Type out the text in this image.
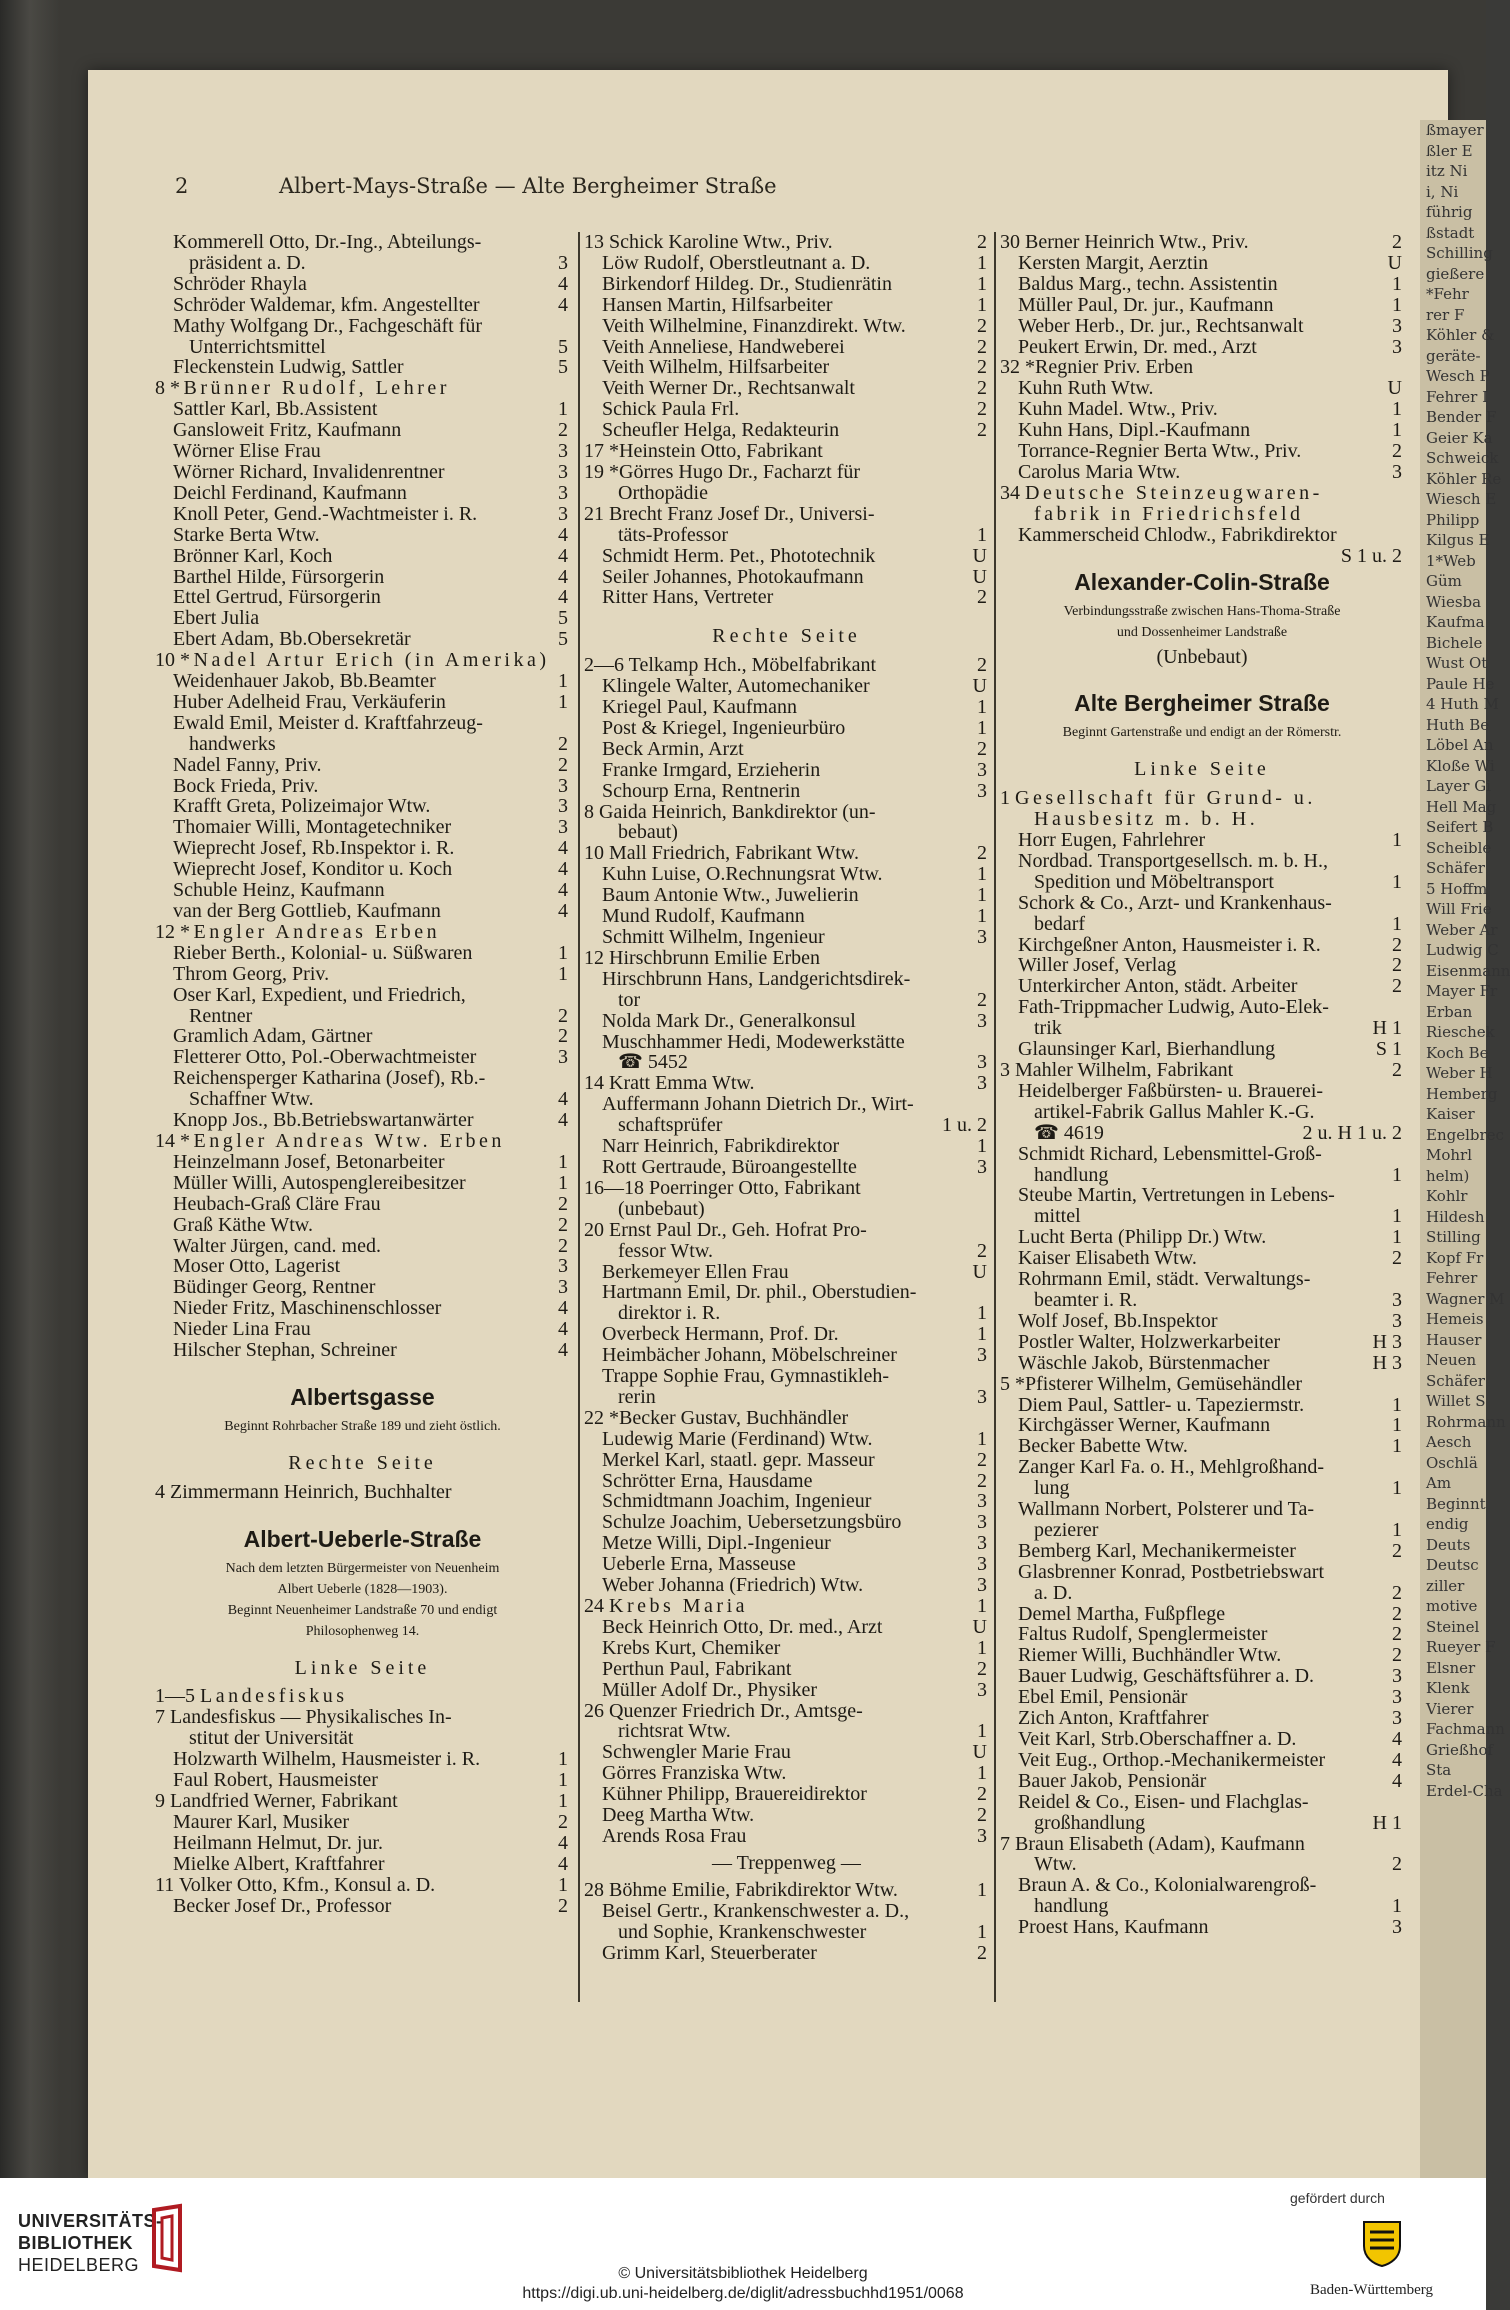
ßmayer
ßler E
itz Ni
i, Ni
führig
ßstadt
Schilling
gießere
*Fehr
rer F
Köhler &
geräte-
Wesch P
Fehrer I
Bender F
Geier Ka
Schweick
Köhler Re
Wiesch E
Philipp
Kilgus E
1*Web
Güm
Wiesba
Kaufma
Bichele
Wust Ot
Paule He
4 Huth M
Huth Be
Löbel An
Kloße Wi
Layer Gi
Hell Mag
Seifert B
Scheible
Schäfer
5 Hoffm
Will Frie
Weber Ar
Ludwig C
Eisenmann
Mayer Fr
Erban
Rieschek
Koch Be
Weber H
Hemberg
Kaiser
Engelbrec
Mohrl
helm)
Kohlr
Hildesh
Stilling
Kopf Fr
Fehrer
Wagner M
Hemeis
Hauser
Neuen
Schäfer
Willet S
Rohrmann
Aesch
Oschlä
Am
Beginnt
endig
Deuts
Deutsc
ziller
motive
Steinel
Rueyer F
Elsner
Klenk
Vierer
Fachmann
Grießhof
Sta
Erdel-Cha
2	Albert-Mays-Straße — Alte Bergheimer Straße
Kommerell Otto, Dr.-Ing., Abteilungs-
präsident a. D.	3
Schröder Rhayla	4
Schröder Waldemar, kfm. Angestellter	4
Mathy Wolfgang Dr., Fachgeschäft für
Unterrichtsmittel	5
Fleckenstein Ludwig, Sattler	5
8 *Brünner Rudolf, Lehrer
Sattler Karl, Bb.Assistent	1
Gansloweit Fritz, Kaufmann	2
Wörner Elise Frau	3
Wörner Richard, Invalidenrentner	3
Deichl Ferdinand, Kaufmann	3
Knoll Peter, Gend.-Wachtmeister i. R.	3
Starke Berta Wtw.	4
Brönner Karl, Koch	4
Barthel Hilde, Fürsorgerin	4
Ettel Gertrud, Fürsorgerin	4
Ebert Julia	5
Ebert Adam, Bb.Obersekretär	5
10 *Nadel Artur Erich (in Amerika)
Weidenhauer Jakob, Bb.Beamter	1
Huber Adelheid Frau, Verkäuferin	1
Ewald Emil, Meister d. Kraftfahrzeug-
handwerks	2
Nadel Fanny, Priv.	2
Bock Frieda, Priv.	3
Krafft Greta, Polizeimajor Wtw.	3
Thomaier Willi, Montagetechniker	3
Wieprecht Josef, Rb.Inspektor i. R.	4
Wieprecht Josef, Konditor u. Koch	4
Schuble Heinz, Kaufmann	4
van der Berg Gottlieb, Kaufmann	4
12 *Engler Andreas Erben
Rieber Berth., Kolonial- u. Süßwaren	1
Throm Georg, Priv.	1
Oser Karl, Expedient, und Friedrich,
Rentner	2
Gramlich Adam, Gärtner	2
Fletterer Otto, Pol.-Oberwachtmeister	3
Reichensperger Katharina (Josef), Rb.-
Schaffner Wtw.	4
Knopp Jos., Bb.Betriebswartanwärter	4
14 *Engler Andreas Wtw. Erben
Heinzelmann Josef, Betonarbeiter	1
Müller Willi, Autospenglereibesitzer	1
Heubach-Graß Cläre Frau	2
Graß Käthe Wtw.	2
Walter Jürgen, cand. med.	2
Moser Otto, Lagerist	3
Büdinger Georg, Rentner	3
Nieder Fritz, Maschinenschlosser	4
Nieder Lina Frau	4
Hilscher Stephan, Schreiner	4
Albertsgasse
Beginnt Rohrbacher Straße 189 und zieht östlich.
Rechte Seite
4 Zimmermann Heinrich, Buchhalter
Albert-Ueberle-Straße
Nach dem letzten Bürgermeister von Neuenheim
Albert Ueberle (1828—1903).
Beginnt Neuenheimer Landstraße 70 und endigt
Philosophenweg 14.
Linke Seite
1—5 Landesfiskus
7 Landesfiskus — Physikalisches In-
stitut der Universität
Holzwarth Wilhelm, Hausmeister i. R.	1
Faul Robert, Hausmeister	1
9 Landfried Werner, Fabrikant	1
Maurer Karl, Musiker	2
Heilmann Helmut, Dr. jur.	4
Mielke Albert, Kraftfahrer	4
11 Volker Otto, Kfm., Konsul a. D.	1
Becker Josef Dr., Professor	2
13 Schick Karoline Wtw., Priv.	2
Löw Rudolf, Oberstleutnant a. D.	1
Birkendorf Hildeg. Dr., Studienrätin	1
Hansen Martin, Hilfsarbeiter	1
Veith Wilhelmine, Finanzdirekt. Wtw.	2
Veith Anneliese, Handweberei	2
Veith Wilhelm, Hilfsarbeiter	2
Veith Werner Dr., Rechtsanwalt	2
Schick Paula Frl.	2
Scheufler Helga, Redakteurin	2
17 *Heinstein Otto, Fabrikant
19 *Görres Hugo Dr., Facharzt für
Orthopädie
21 Brecht Franz Josef Dr., Universi-
täts-Professor	1
Schmidt Herm. Pet., Phototechnik	U
Seiler Johannes, Photokaufmann	U
Ritter Hans, Vertreter	2
Rechte Seite
2—6 Telkamp Hch., Möbelfabrikant	2
Klingele Walter, Automechaniker	U
Kriegel Paul, Kaufmann	1
Post & Kriegel, Ingenieurbüro	1
Beck Armin, Arzt	2
Franke Irmgard, Erzieherin	3
Schourp Erna, Rentnerin	3
8 Gaida Heinrich, Bankdirektor (un-
bebaut)
10 Mall Friedrich, Fabrikant Wtw.	2
Kuhn Luise, O.Rechnungsrat Wtw.	1
Baum Antonie Wtw., Juwelierin	1
Mund Rudolf, Kaufmann	1
Schmitt Wilhelm, Ingenieur	3
12 Hirschbrunn Emilie Erben
Hirschbrunn Hans, Landgerichtsdirek-
tor	2
Nolda Mark Dr., Generalkonsul	3
Muschhammer Hedi, Modewerkstätte
☎ 5452	3
14 Kratt Emma Wtw.	3
Auffermann Johann Dietrich Dr., Wirt-
schaftsprüfer	1 u. 2
Narr Heinrich, Fabrikdirektor	1
Rott Gertraude, Büroangestellte	3
16—18 Poerringer Otto, Fabrikant
(unbebaut)
20 Ernst Paul Dr., Geh. Hofrat Pro-
fessor Wtw.	2
Berkemeyer Ellen Frau	U
Hartmann Emil, Dr. phil., Oberstudien-
direktor i. R.	1
Overbeck Hermann, Prof. Dr.	1
Heimbächer Johann, Möbelschreiner	3
Trappe Sophie Frau, Gymnastikleh-
rerin	3
22 *Becker Gustav, Buchhändler
Ludewig Marie (Ferdinand) Wtw.	1
Merkel Karl, staatl. gepr. Masseur	2
Schrötter Erna, Hausdame	2
Schmidtmann Joachim, Ingenieur	3
Schulze Joachim, Uebersetzungsbüro	3
Metze Willi, Dipl.-Ingenieur	3
Ueberle Erna, Masseuse	3
Weber Johanna (Friedrich) Wtw.	3
24 Krebs Maria	1
Beck Heinrich Otto, Dr. med., Arzt	U
Krebs Kurt, Chemiker	1
Perthun Paul, Fabrikant	2
Müller Adolf Dr., Physiker	3
26 Quenzer Friedrich Dr., Amtsge-
richtsrat Wtw.	1
Schwengler Marie Frau	U
Görres Franziska Wtw.	1
Kühner Philipp, Brauereidirektor	2
Deeg Martha Wtw.	2
Arends Rosa Frau	3
— Treppenweg —
28 Böhme Emilie, Fabrikdirektor Wtw.	1
Beisel Gertr., Krankenschwester a. D.,
und Sophie, Krankenschwester	1
Grimm Karl, Steuerberater	2
30 Berner Heinrich Wtw., Priv.	2
Kersten Margit, Aerztin	U
Baldus Marg., techn. Assistentin	1
Müller Paul, Dr. jur., Kaufmann	1
Weber Herb., Dr. jur., Rechtsanwalt	3
Peukert Erwin, Dr. med., Arzt	3
32 *Regnier Priv. Erben
Kuhn Ruth Wtw.	U
Kuhn Madel. Wtw., Priv.	1
Kuhn Hans, Dipl.-Kaufmann	1
Torrance-Regnier Berta Wtw., Priv.	2
Carolus Maria Wtw.	3
34 Deutsche Steinzeugwaren-
fabrik in Friedrichsfeld
Kammerscheid Chlodw., Fabrikdirektor
S 1 u. 2
Alexander-Colin-Straße
Verbindungsstraße zwischen Hans-Thoma-Straße
und Dossenheimer Landstraße
(Unbebaut)
Alte Bergheimer Straße
Beginnt Gartenstraße und endigt an der Römerstr.
Linke Seite
1 Gesellschaft für Grund- u.
Hausbesitz m. b. H.
Horr Eugen, Fahrlehrer	1
Nordbad. Transportgesellsch. m. b. H.,
Spedition und Möbeltransport	1
Schork & Co., Arzt- und Krankenhaus-
bedarf	1
Kirchgeßner Anton, Hausmeister i. R.	2
Willer Josef, Verlag	2
Unterkircher Anton, städt. Arbeiter	2
Fath-Trippmacher Ludwig, Auto-Elek-
trik	H 1
Glaunsinger Karl, Bierhandlung	S 1
3 Mahler Wilhelm, Fabrikant	2
Heidelberger Faßbürsten- u. Brauerei-
artikel-Fabrik Gallus Mahler K.-G.
☎ 4619	2 u. H 1 u. 2
Schmidt Richard, Lebensmittel-Groß-
handlung	1
Steube Martin, Vertretungen in Lebens-
mittel	1
Lucht Berta (Philipp Dr.) Wtw.	1
Kaiser Elisabeth Wtw.	2
Rohrmann Emil, städt. Verwaltungs-
beamter i. R.	3
Wolf Josef, Bb.Inspektor	3
Postler Walter, Holzwerkarbeiter	H 3
Wäschle Jakob, Bürstenmacher	H 3
5 *Pfisterer Wilhelm, Gemüsehändler
Diem Paul, Sattler- u. Tapeziermstr.	1
Kirchgässer Werner, Kaufmann	1
Becker Babette Wtw.	1
Zanger Karl Fa. o. H., Mehlgroßhand-
lung	1
Wallmann Norbert, Polsterer und Ta-
pezierer	1
Bemberg Karl, Mechanikermeister	2
Glasbrenner Konrad, Postbetriebswart
a. D.	2
Demel Martha, Fußpflege	2
Faltus Rudolf, Spenglermeister	2
Riemer Willi, Buchhändler Wtw.	2
Bauer Ludwig, Geschäftsführer a. D.	3
Ebel Emil, Pensionär	3
Zich Anton, Kraftfahrer	3
Veit Karl, Strb.Oberschaffner a. D.	4
Veit Eug., Orthop.-Mechanikermeister	4
Bauer Jakob, Pensionär	4
Reidel & Co., Eisen- und Flachglas-
großhandlung	H 1
7 Braun Elisabeth (Adam), Kaufmann
Wtw.	2
Braun A. & Co., Kolonialwarengroß-
handlung	1
Proest Hans, Kaufmann	3
UNIVERSITÄTS-
BIBLIOTHEK
HEIDELBERG	© Universitätsbibliothek Heidelberg
https://digi.ub.uni-heidelberg.de/diglit/adressbuchhd1951/0068
gefördert durch
Baden-Württemberg
